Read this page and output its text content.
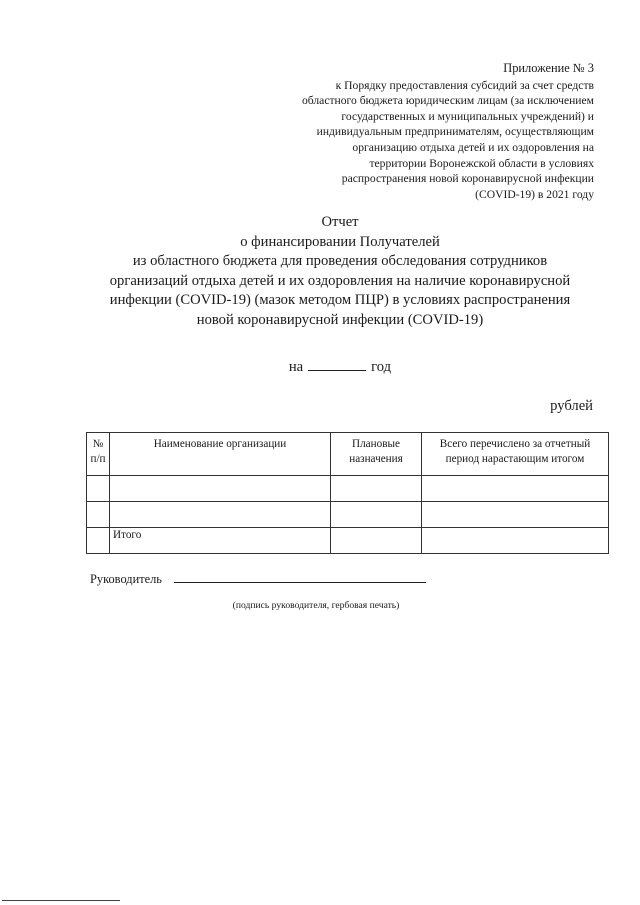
Приложение № 3
к Порядку предоставления субсидий за счет средств
областного бюджета юридическим лицам (за исключением
государственных и муниципальных учреждений) и
индивидуальным предпринимателям, осуществляющим
организацию отдыха детей и их оздоровления на
территории Воронежской области в условиях
распространения новой коронавирусной инфекции
(COVID-19) в 2021 году
Отчет
о финансировании Получателей
из областного бюджета для проведения обследования сотрудников
организаций отдыха детей и их оздоровления на наличие коронавирусной
инфекции (COVID-19) (мазок методом ПЦР) в условиях распространения
новой коронавирусной инфекции (COVID-19)
на	год
рублей
№ п/п	Наименование организации	Плановые назначения	Всего перечислено за отчетный период нарастающим итогом

	Итого		
Руководитель
(подпись руководителя, гербовая печать)
